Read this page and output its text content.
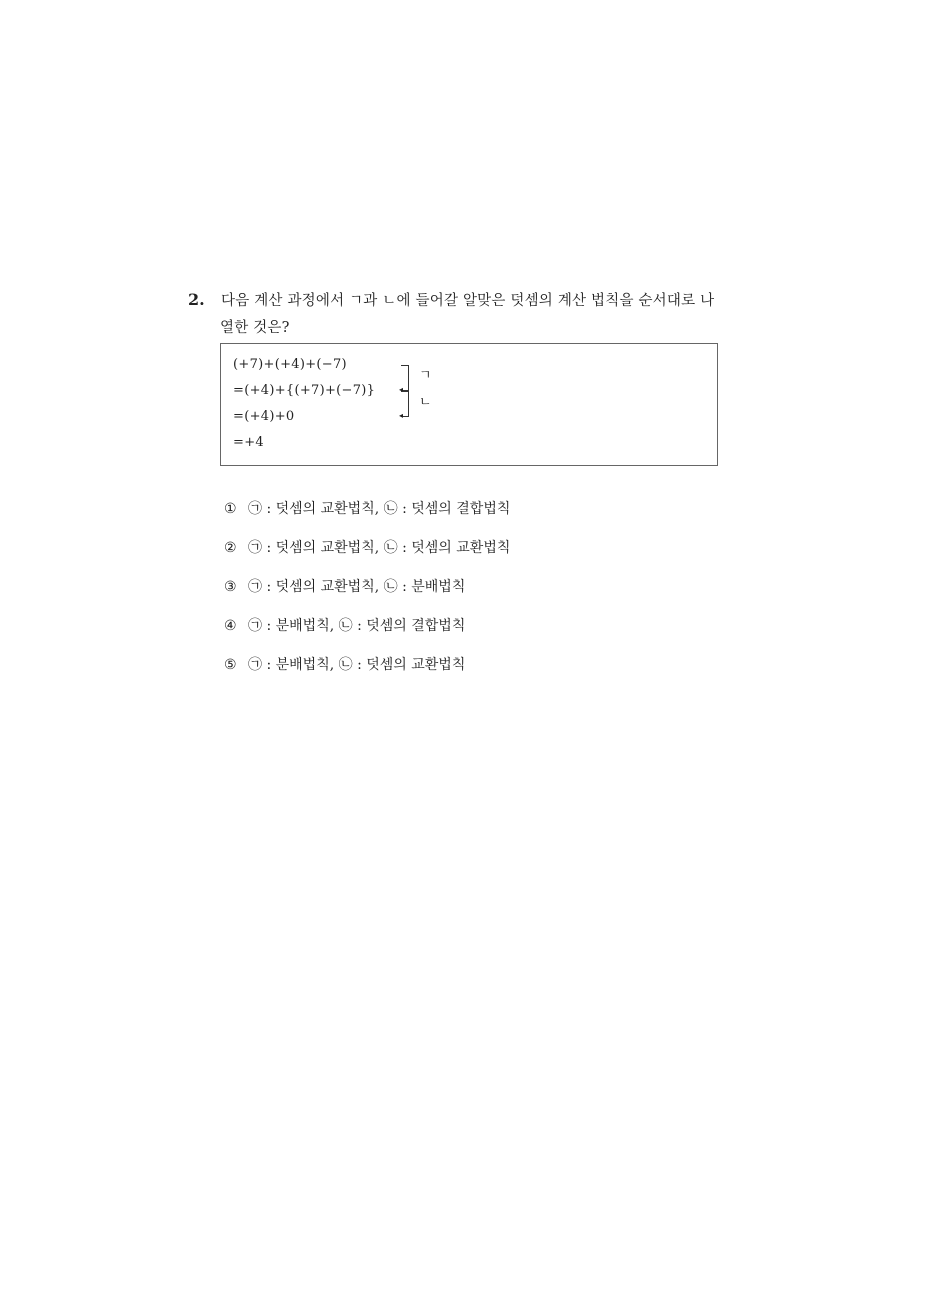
2. 다음 계산 과정에서 ㄱ과 ㄴ에 들어갈 알맞은 덧셈의 계산 법칙을 순서대로 나
열한 것은?
(+7)+(+4)+(−7)
=(+4)+{(+7)+(−7)}
=(+4)+0
=+4
◂
◂
ㄱ
ㄴ
① ㉠ : 덧셈의 교환법칙, ㉡ : 덧셈의 결합법칙
② ㉠ : 덧셈의 교환법칙, ㉡ : 덧셈의 교환법칙
③ ㉠ : 덧셈의 교환법칙, ㉡ : 분배법칙
④ ㉠ : 분배법칙, ㉡ : 덧셈의 결합법칙
⑤ ㉠ : 분배법칙, ㉡ : 덧셈의 교환법칙
